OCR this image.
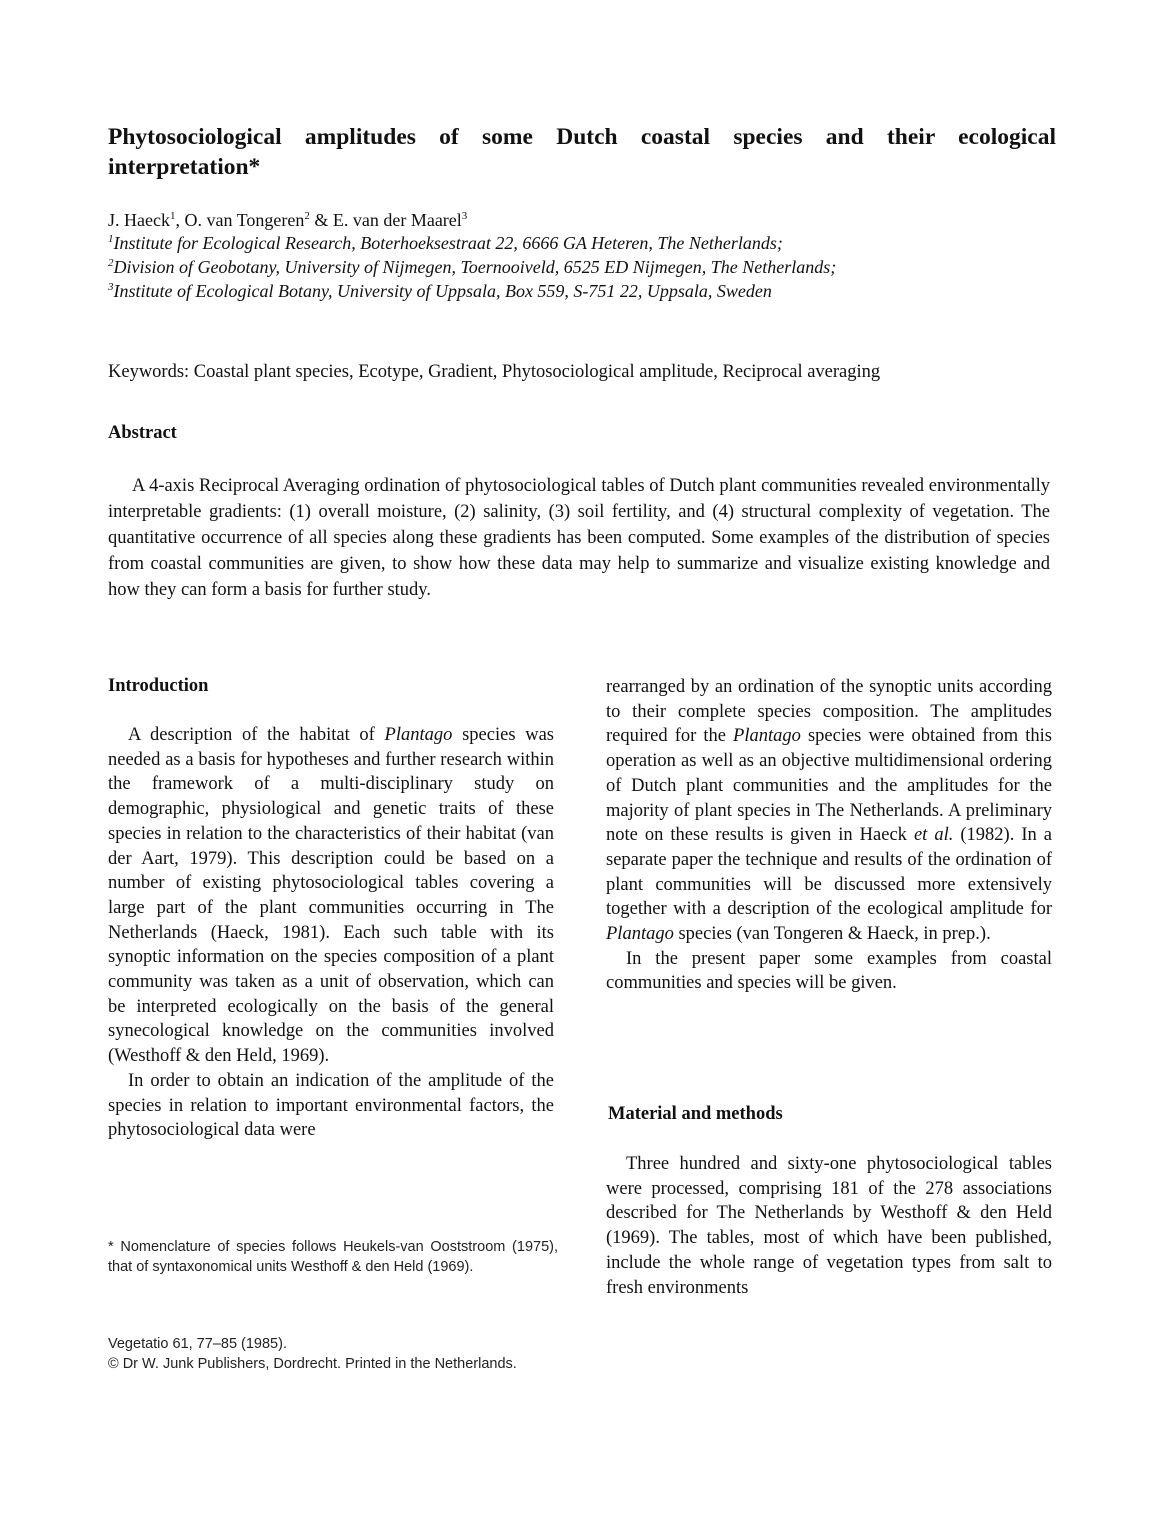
Phytosociological amplitudes of some Dutch coastal species and their ecological interpretation*
J. Haeck$^1$, O. van Tongeren$^2$ & E. van der Maarel$^3$
$^1$Institute for Ecological Research, Boterhoeksestraat 22, 6666 GA Heteren, The Netherlands;
$^2$Division of Geobotany, University of Nijmegen, Toernooiveld, 6525 ED Nijmegen, The Netherlands;
$^3$Institute of Ecological Botany, University of Uppsala, Box 559, S-751 22, Uppsala, Sweden
Keywords: Coastal plant species, Ecotype, Gradient, Phytosociological amplitude, Reciprocal averaging
Abstract

A 4-axis Reciprocal Averaging ordination of phytosociological tables of Dutch plant communities revealed environmentally interpretable gradients: (1) overall moisture, (2) salinity, (3) soil fertility, and (4) structural complexity of vegetation. The quantitative occurrence of all species along these gradients has been computed. Some examples of the distribution of species from coastal communities are given, to show how these data may help to summarize and visualize existing knowledge and how they can form a basis for further study.

Introduction

A description of the habitat of Plantago species was needed as a basis for hypotheses and further research within the framework of a multi-disciplinary study on demographic, physiological and genetic traits of these species in relation to the characteristics of their habitat (van der Aart, 1979). This description could be based on a number of existing phytosociological tables covering a large part of the plant communities occurring in The Netherlands (Haeck, 1981). Each such table with its synoptic information on the species composition of a plant community was taken as a unit of observation, which can be interpreted ecologically on the basis of the general synecological knowledge on the communities involved (Westhoff & den Held, 1969).

In order to obtain an indication of the amplitude of the species in relation to important environmental factors, the phytosociological data were

* Nomenclature of species follows Heukels-van Ooststroom (1975), that of syntaxonomical units Westhoff & den Held (1969).
Vegetatio 61, 77–85 (1985).
© Dr W. Junk Publishers, Dordrecht. Printed in the Netherlands.

rearranged by an ordination of the synoptic units according to their complete species composition. The amplitudes required for the Plantago species were obtained from this operation as well as an objective multidimensional ordering of Dutch plant communities and the amplitudes for the majority of plant species in The Netherlands. A preliminary note on these results is given in Haeck et al. (1982). In a separate paper the technique and results of the ordination of plant communities will be discussed more extensively together with a description of the ecological amplitude for Plantago species (van Tongeren & Haeck, in prep.).

In the present paper some examples from coastal communities and species will be given.

Material and methods

Three hundred and sixty-one phytosociological tables were processed, comprising 181 of the 278 associations described for The Netherlands by Westhoff & den Held (1969). The tables, most of which have been published, include the whole range of vegetation types from salt to fresh environments
